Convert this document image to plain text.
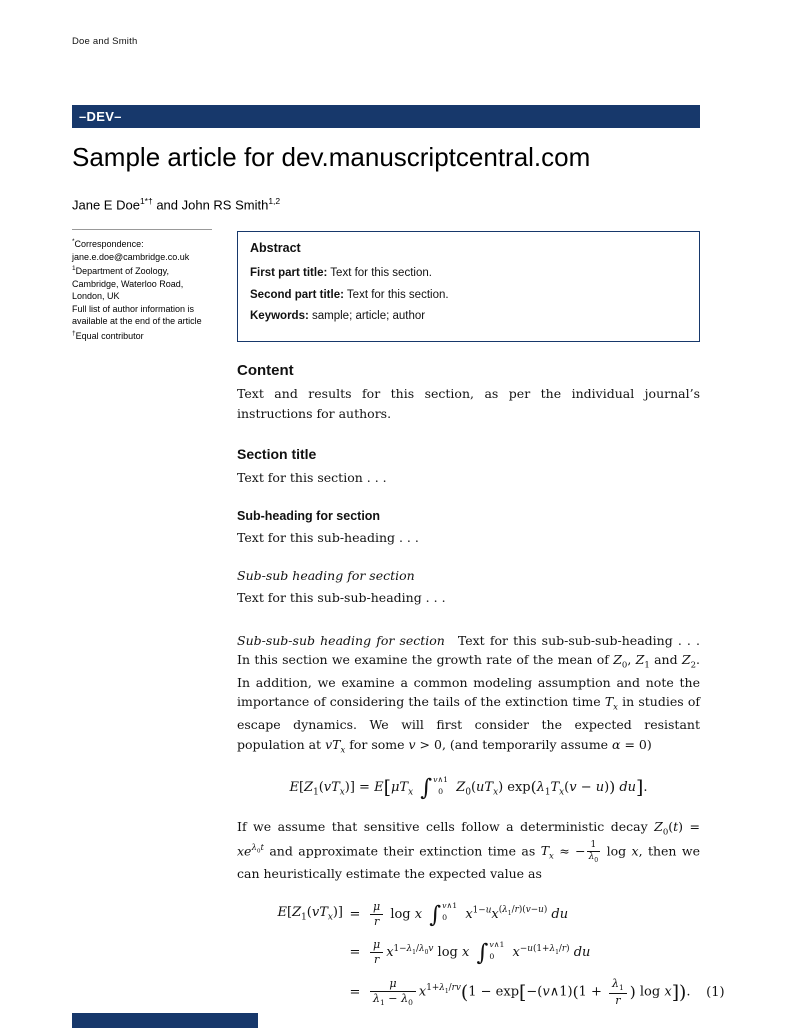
Doe and Smith
–DEV–
Sample article for dev.manuscriptcentral.com
Jane E Doe$^{1*\dagger}$ and John RS Smith$^{1,2}$
*Correspondence:
jane.e.doe@cambridge.co.uk
$^1$Department of Zoology,
Cambridge, Waterloo Road,
London, UK
Full list of author information is
available at the end of the article
†Equal contributor
Abstract

First part title: Text for this section.

Second part title: Text for this section.

Keywords: sample; article; author

Content

Text and results for this section, as per the individual journal’s instructions for authors.

Section title

Text for this section . . .

Sub-heading for section

Text for this sub-heading . . .

Sub-sub heading for section

Text for this sub-sub-heading . . .

Sub-sub-sub heading for section Text for this sub-sub-sub-heading . . . In this section we examine the growth rate of the mean of $Z_0$, $Z_1$ and $Z_2$. In addition, we examine a common modeling assumption and note the importance of considering the tails of the extinction time $T_x$ in studies of escape dynamics. We will first consider the expected resistant population at $vT_x$ for some v > 0, (and temporarily assume α = 0)

$E[Z_1(vT_x)] = E[\mu T_x$ ∫ v∧1
0	$Z_0(uT_x) \exp(\lambda_1T_x(v - u))$ du].

If we assume that sensitive cells follow a deterministic decay $Z_0(t) = xe^{\lambda_0t}$ and approximate their extinction time as $T_x$ ≈ − $\frac{1}{\lambda_0}$ log x, then we can heuristically estimate the expected value as

$E[Z_1(vT_x)] = \frac{\mu}{r}$ log x ∫ v∧1
0	$x^{1-u}x^{(\lambda_1/r)(v-u)}$ du
= $\frac{\mu}{r} x^{1-\lambda_1/\lambda_0v}$ log x ∫ v∧1
0	$x^{-u(1+\lambda_1/r)}$ du
= $\frac{\mu}{\lambda_1 - \lambda_0} x^{1+\lambda_1/rv}(1$ − exp[−(v∧1)(1 + $\frac{\lambda_1}{r}$ ) log x]).	(1)
